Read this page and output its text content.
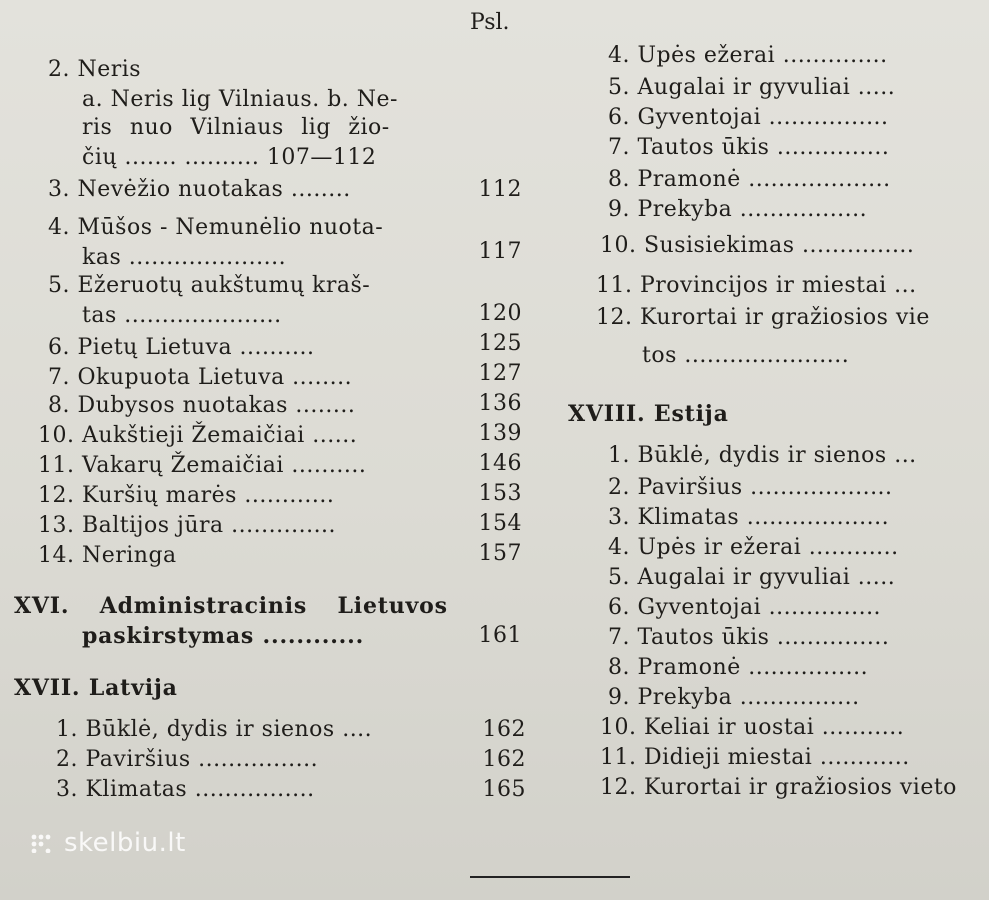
Psl.
2. Neris
a. Neris lig Vilniaus. b. Ne-
ris nuo Vilniaus lig žio-
čių ....... .......... 107—112
3. Nevėžio nuotakas ........	112
4. Mūšos - Nemunėlio nuota-
kas .....................	117
5. Ežeruotų aukštumų kraš-
tas .....................	120
6. Pietų Lietuva ..........	125
7. Okupuota Lietuva ........	127
8. Dubysos nuotakas ........	136
10. Aukštieji Žemaičiai ......	139
11. Vakarų Žemaičiai ..........	146
12. Kuršių marės ............	153
13. Baltijos jūra ..............	154
14. Neringa	157
XVI. Administracinis Lietuvos
paskirstymas ............	161
XVII. Latvija
1. Būklė, dydis ir sienos ....	162
2. Paviršius ................	162
3. Klimatas ................	165
4. Upės ežerai ..............
5. Augalai ir gyvuliai .....
6. Gyventojai ................
7. Tautos ūkis ...............
8. Pramonė ...................
9. Prekyba .................
10. Susisiekimas ...............
11. Provincijos ir miestai ...
12. Kurortai ir gražiosios vie
tos ......................
XVIII. Estija
1. Būklė, dydis ir sienos ...
2. Paviršius ...................
3. Klimatas ...................
4. Upės ir ežerai ............
5. Augalai ir gyvuliai .....
6. Gyventojai ...............
7. Tautos ūkis ...............
8. Pramonė ................
9. Prekyba ................
10. Keliai ir uostai ...........
11. Didieji miestai ............
12. Kurortai ir gražiosios vieto
skelbiu.lt
